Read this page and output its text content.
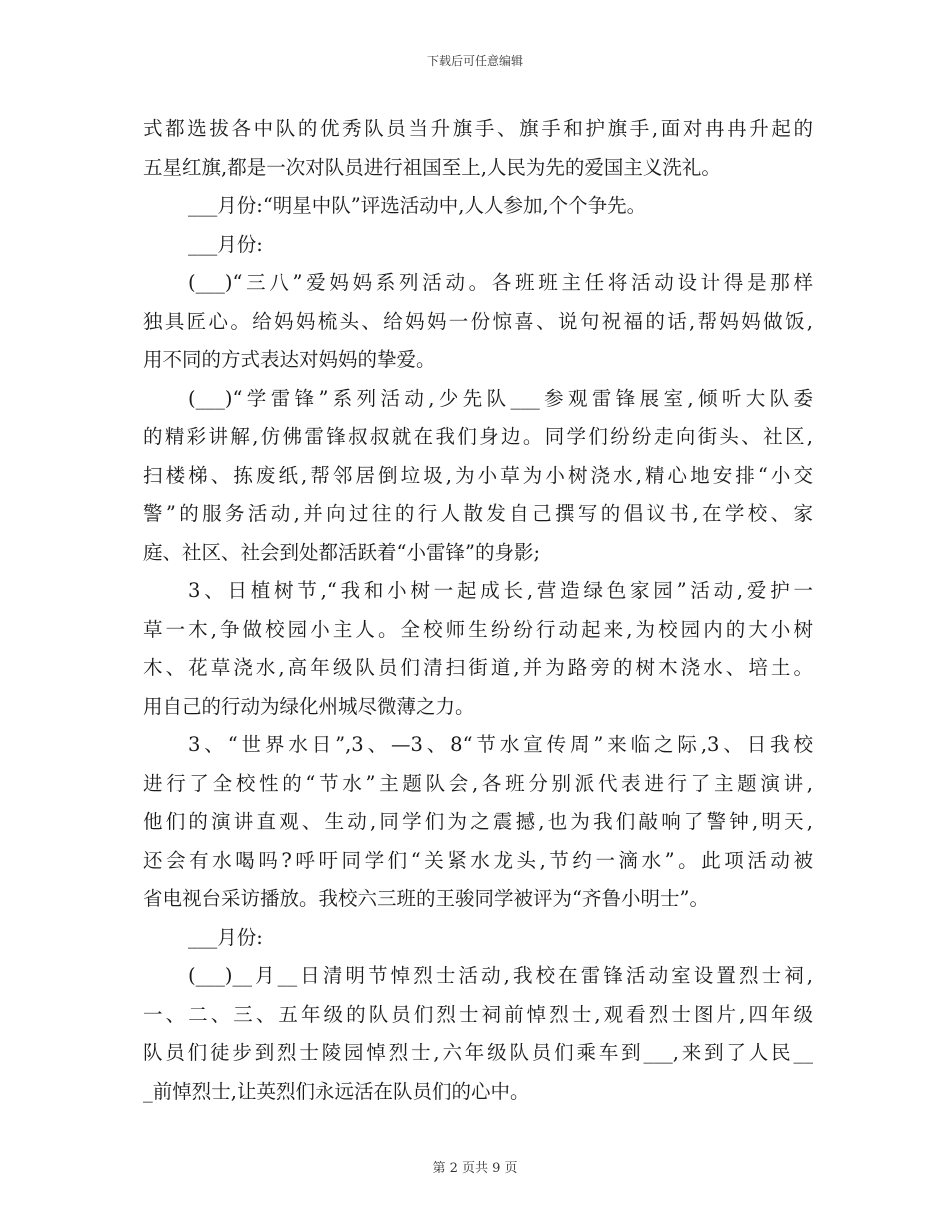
下载后可任意编辑
式都选拔各中队的优秀队员当升旗手、旗手和护旗手,面对冉冉升起的
五星红旗,都是一次对队员进行祖国至上,人民为先的爱国主义洗礼。
___月份:“明星中队”评选活动中,人人参加,个个争先。
___月份:
(___)“三八”爱妈妈系列活动。各班班主任将活动设计得是那样
独具匠心。给妈妈梳头、给妈妈一份惊喜、说句祝福的话,帮妈妈做饭,
用不同的方式表达对妈妈的挚爱。
(___)“学雷锋”系列活动,少先队___参观雷锋展室,倾听大队委
的精彩讲解,仿佛雷锋叔叔就在我们身边。同学们纷纷走向街头、社区,
扫楼梯、拣废纸,帮邻居倒垃圾,为小草为小树浇水,精心地安排“小交
警”的服务活动,并向过往的行人散发自己撰写的倡议书,在学校、家
庭、社区、社会到处都活跃着“小雷锋”的身影;
3、日植树节,“我和小树一起成长,营造绿色家园”活动,爱护一
草一木,争做校园小主人。全校师生纷纷行动起来,为校园内的大小树
木、花草浇水,高年级队员们清扫街道,并为路旁的树木浇水、培土。
用自己的行动为绿化州城尽微薄之力。
3、“世界水日”,3、—3、8“节水宣传周”来临之际,3、日我校
进行了全校性的“节水”主题队会,各班分别派代表进行了主题演讲,
他们的演讲直观、生动,同学们为之震撼,也为我们敲响了警钟,明天,
还会有水喝吗?呼吁同学们“关紧水龙头,节约一滴水”。此项活动被
省电视台采访播放。我校六三班的王骏同学被评为“齐鲁小明士”。
___月份:
(___)__月__日清明节悼烈士活动,我校在雷锋活动室设置烈士祠,
一、二、三、五年级的队员们烈士祠前悼烈士,观看烈士图片,四年级
队员们徒步到烈士陵园悼烈士,六年级队员们乘车到___,来到了人民__
_前悼烈士,让英烈们永远活在队员们的心中。
第 2 页共 9 页
